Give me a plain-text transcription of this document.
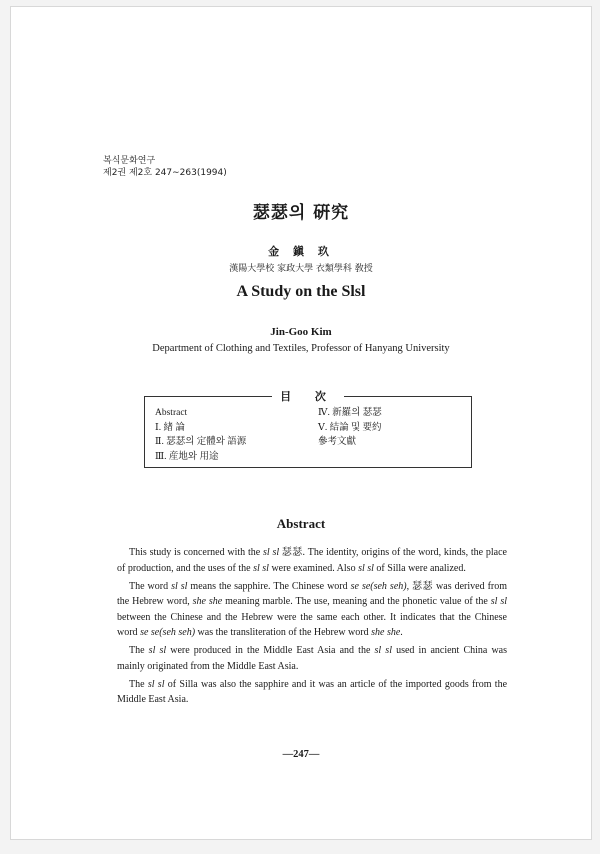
복식문화연구
제2권 제2호 247∼263(1994)
瑟瑟의 硏究
金 鎭 玖
漢陽大學校 家政大學 衣類學科 敎授
A Study on the Slsl
Jin-Goo Kim
Department of Clothing and Textiles, Professor of Hanyang University
目 次
Abstract
Ⅰ. 緖 論
Ⅱ. 瑟瑟의 定體와 語源
Ⅲ. 産地와 用途
Ⅳ. 新羅의 瑟瑟
Ⅴ. 結論 및 要約
參考文獻
Abstract

This study is concerned with the sl sl 瑟瑟. The identity, origins of the word, kinds, the place of production, and the uses of the sl sl were examined. Also sl sl of Silla were analized.

The word sl sl means the sapphire. The Chinese word se se(seh seh), 瑟瑟 was derived from the Hebrew word, she she meaning marble. The use, meaning and the phonetic value of the sl sl between the Chinese and the Hebrew were the same each other. It indicates that the Chinese word se se(seh seh) was the transliteration of the Hebrew word she she.

The sl sl were produced in the Middle East Asia and the sl sl used in ancient China was mainly originated from the Middle East Asia.

The sl sl of Silla was also the sapphire and it was an article of the imported goods from the Middle East Asia.

—247—
